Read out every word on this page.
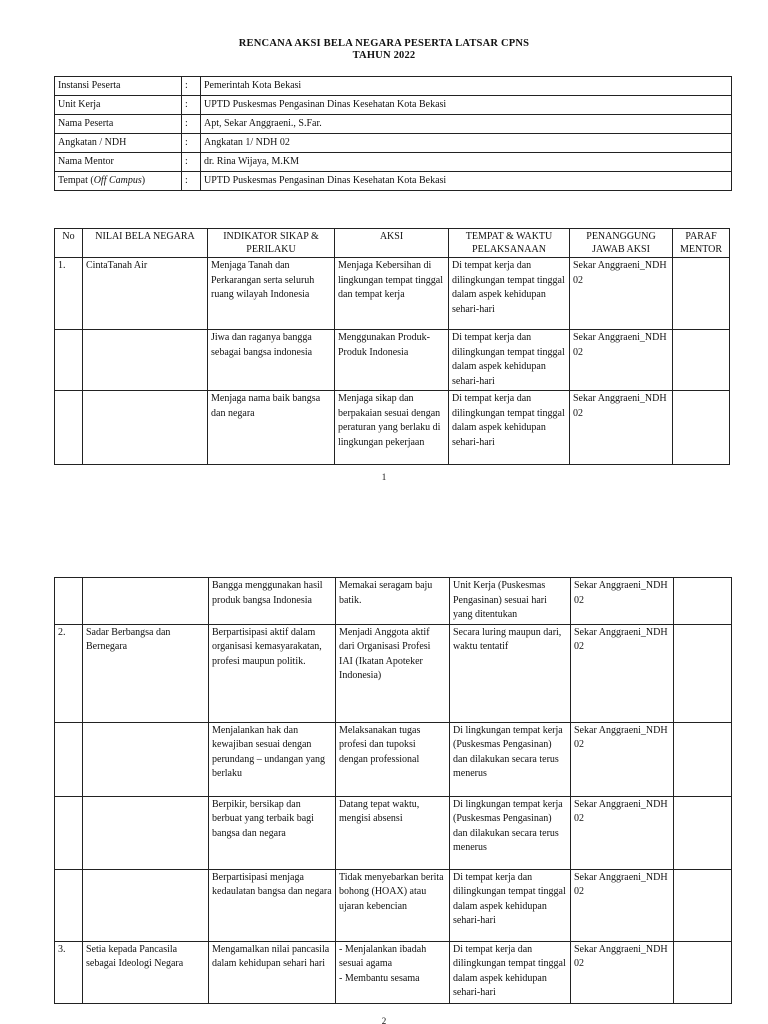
RENCANA AKSI BELA NEGARA PESERTA LATSAR CPNS
TAHUN 2022
Instansi Peserta	:	Pemerintah Kota Bekasi
Unit Kerja	:	UPTD Puskesmas Pengasinan Dinas Kesehatan Kota Bekasi
Nama Peserta	:	Apt, Sekar Anggraeni., S.Far.
Angkatan / NDH	:	Angkatan 1/ NDH 02
Nama Mentor	:	dr. Rina Wijaya, M.KM
Tempat (Off Campus)	:	UPTD Puskesmas Pengasinan Dinas Kesehatan Kota Bekasi
No	NILAI BELA NEGARA	INDIKATOR SIKAP & PERILAKU	AKSI	TEMPAT & WAKTU PELAKSANAAN	PENANGGUNG JAWAB AKSI	PARAF MENTOR
1.	CintaTanah Air	Menjaga Tanah dan Perkarangan serta seluruh ruang wilayah Indonesia	Menjaga Kebersihan di lingkungan tempat tinggal dan tempat kerja	Di tempat kerja dan dilingkungan tempat tinggal dalam aspek kehidupan sehari-hari	Sekar Anggraeni_NDH 02	
		Jiwa dan raganya bangga sebagai bangsa indonesia	Menggunakan Produk-Produk Indonesia	Di tempat kerja dan dilingkungan tempat tinggal dalam aspek kehidupan sehari-hari	Sekar Anggraeni_NDH 02	
		Menjaga nama baik bangsa dan negara	Menjaga sikap dan berpakaian sesuai dengan peraturan yang berlaku di lingkungan pekerjaan	Di tempat kerja dan dilingkungan tempat tinggal dalam aspek kehidupan sehari-hari	Sekar Anggraeni_NDH 02	
1
		Bangga menggunakan hasil produk bangsa Indonesia	Memakai seragam baju batik.	Unit Kerja (Puskesmas Pengasinan) sesuai hari yang ditentukan	Sekar Anggraeni_NDH 02	
2.	Sadar Berbangsa dan Bernegara	Berpartisipasi aktif dalam organisasi kemasyarakatan, profesi maupun politik.	Menjadi Anggota aktif dari Organisasi Profesi IAI (Ikatan Apoteker Indonesia)	Secara luring maupun dari, waktu tentatif	Sekar Anggraeni_NDH 02	
		Menjalankan hak dan kewajiban sesuai dengan perundang – undangan yang berlaku	Melaksanakan tugas profesi dan tupoksi dengan professional	Di lingkungan tempat kerja (Puskesmas Pengasinan) dan dilakukan secara terus menerus	Sekar Anggraeni_NDH 02	
		Berpikir, bersikap dan berbuat yang terbaik bagi bangsa dan negara	Datang tepat waktu, mengisi absensi	Di lingkungan tempat kerja (Puskesmas Pengasinan) dan dilakukan secara terus menerus	Sekar Anggraeni_NDH 02	
		Berpartisipasi menjaga kedaulatan bangsa dan negara	Tidak menyebarkan berita bohong (HOAX) atau ujaran kebencian	Di tempat kerja dan dilingkungan tempat tinggal dalam aspek kehidupan sehari-hari	Sekar Anggraeni_NDH 02	
3.	Setia kepada Pancasila sebagai Ideologi Negara	Mengamalkan nilai pancasila dalam kehidupan sehari hari	- Menjalankan ibadah sesuai agama
- Membantu sesama	Di tempat kerja dan dilingkungan tempat tinggal dalam aspek kehidupan sehari-hari	Sekar Anggraeni_NDH 02	
2
